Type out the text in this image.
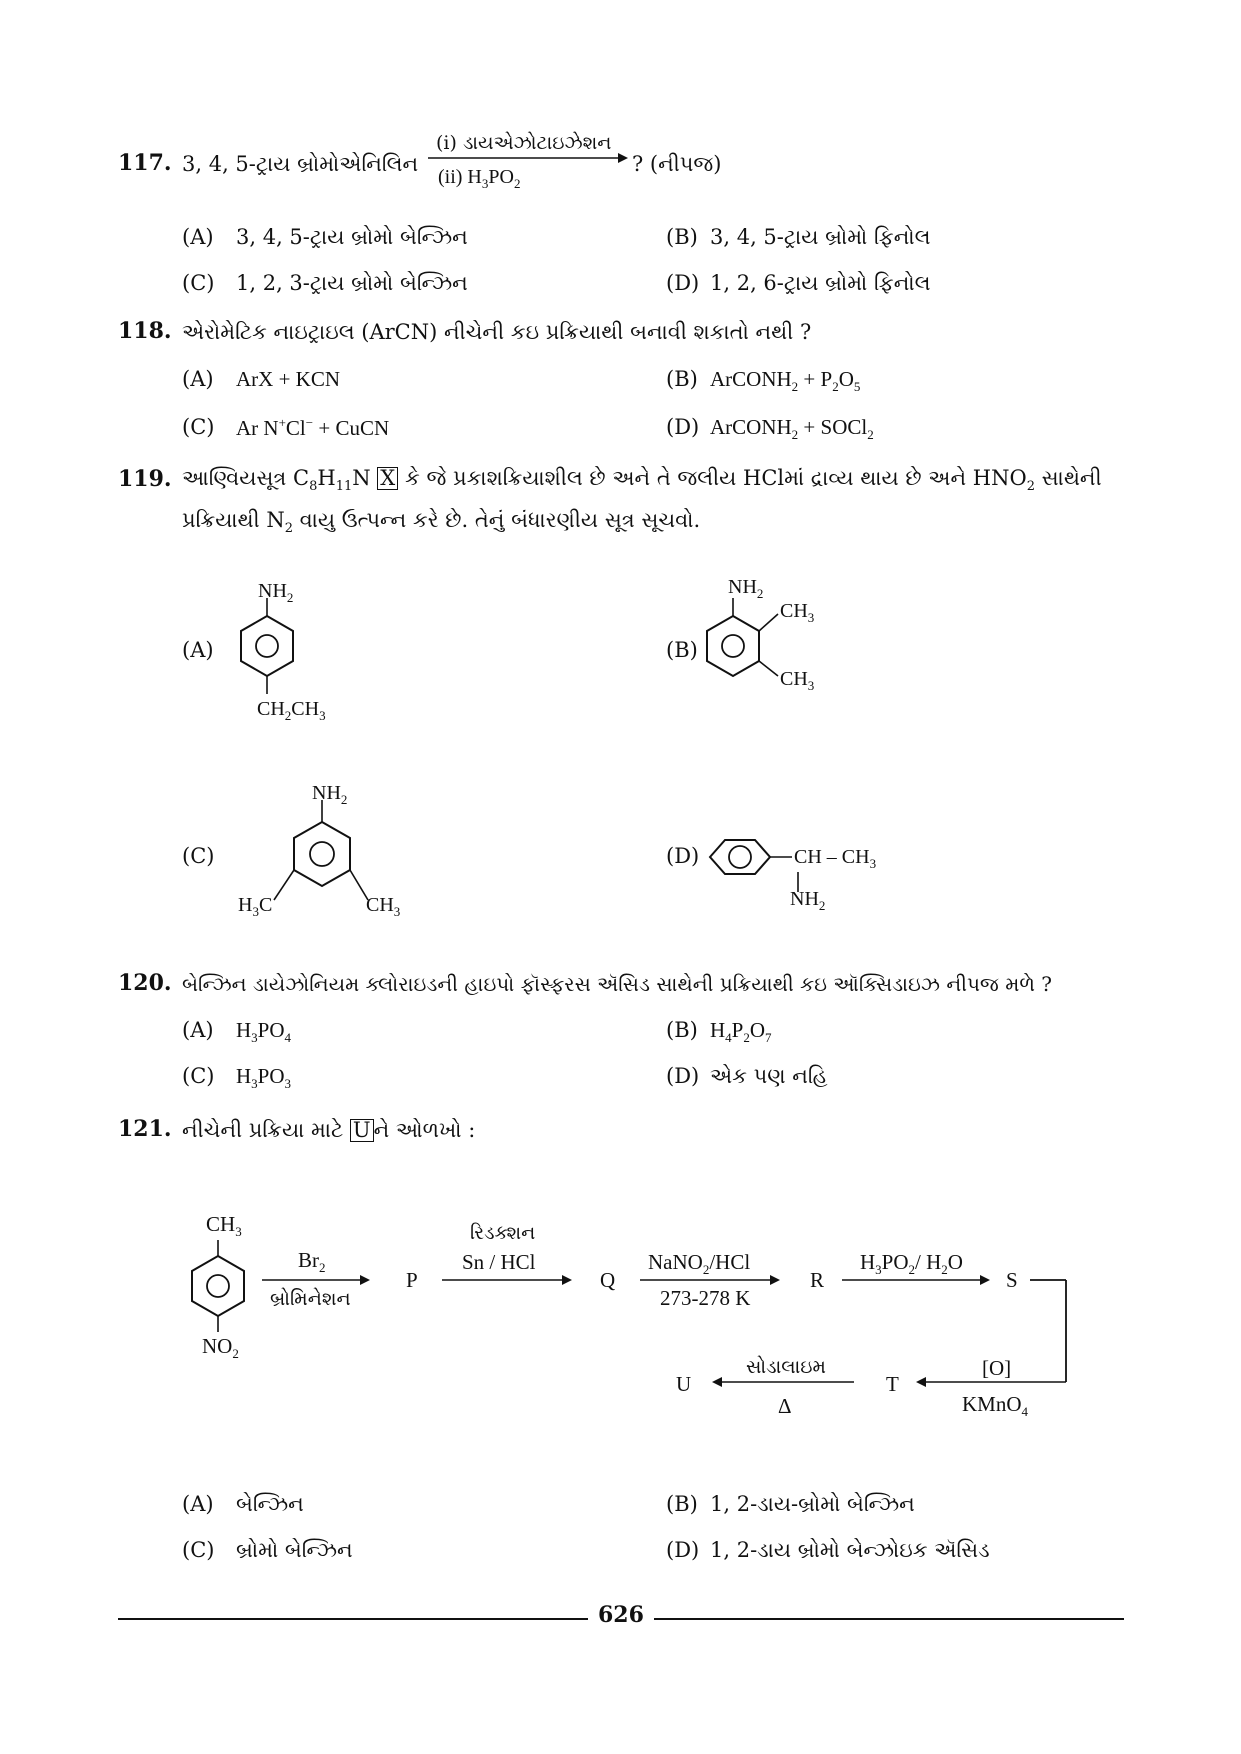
117. 3, 4, 5-ટ્રાય બ્રોમોએનિલિન
(i) ડાયએઝોટાઇઝેશન
(ii) $H_3PO_2$
? (નીપજ)
(A) 3, 4, 5-ટ્રાય બ્રોમો બેન્ઝિન	(B) 3, 4, 5-ટ્રાય બ્રોમો ફિનોલ
(C) 1, 2, 3-ટ્રાય બ્રોમો બેન્ઝિન	(D) 1, 2, 6-ટ્રાય બ્રોમો ફિનોલ
118. એરોમેટિક નાઇટ્રાઇલ (ArCN) નીચેની કઇ પ્રક્રિયાથી બનાવી શકાતો નથી ?
(A) ArX + KCN	(B) ArCONH$_2$ + $P_2O_5$
(C) Ar N+Cl− + CuCN	(D) ArCONH$_2$ + SOCl$_2$
119. આણ્વિયસૂત્ર $C_8H_{11}N$ X કે જે પ્રકાશક્રિયાશીલ છે અને તે જલીય HClમાં દ્રાવ્ય થાય છે અને $HNO_2$ સાથેની
પ્રક્રિયાથી $N_2$ વાયુ ઉત્પન્ન કરે છે. તેનું બંધારણીય સૂત્ર સૂચવો.
(A)
$NH_2$
$CH_2CH_3$
(B)
$NH_2$
$CH_3$
$CH_3$
(C)
$NH_2$
$H_3C$	$CH_3$
(D)	CH – $CH_3$
$NH_2$
120. બેન્ઝિન ડાયેઝોનિયમ ક્લોરાઇડની હાઇપો ફૉસ્ફરસ ઍસિડ સાથેની પ્રક્રિયાથી કઇ ઑક્સિડાઇઝ નીપજ મળે ?
(A) $H_3PO_4$	(B) $H_4P_2O_7$
(C) $H_3PO_3$	(D) એક પણ નહિ
121. નીચેની પ્રક્રિયા માટે U ને ઓળખો :
$CH_3$
$NO_2$
$Br_2$
બ્રોમિનેશન
P
રિડક્શન
Sn / HCl
Q
NaNO$_2$/HCl
273-278 K
R
$H_3PO_2/$ $H_2O$
S
[O]
KMnO$_4$
T
સોડાલાઇમ
Δ
U
(A) બેન્ઝિન	(B) 1, 2-ડાય-બ્રોમો બેન્ઝિન
(C) બ્રોમો બેન્ઝિન	(D) 1, 2-ડાય બ્રોમો બેન્ઝોઇક ઍસિડ
626
